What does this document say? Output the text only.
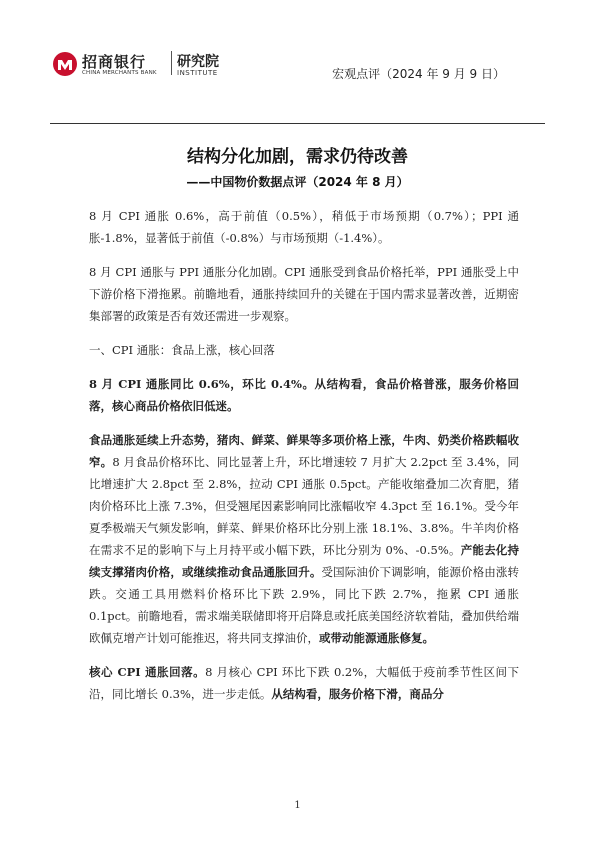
招商银行
CHINA MERCHANTS BANK
研究院
INSTITUTE	宏观点评（2024 年 9 月 9 日）
结构分化加剧，需求仍待改善
——中国物价数据点评（2024 年 8 月）

8 月 CPI 通胀 0.6%，高于前值（0.5%），稍低于市场预期（0.7%）；PPI 通胀-1.8%，显著低于前值（-0.8%）与市场预期（-1.4%）。

8 月 CPI 通胀与 PPI 通胀分化加剧。CPI 通胀受到食品价格托举，PPI 通胀受上中下游价格下滑拖累。前瞻地看，通胀持续回升的关键在于国内需求显著改善，近期密集部署的政策是否有效还需进一步观察。

一、CPI 通胀：食品上涨，核心回落

8 月 CPI 通胀同比 0.6%，环比 0.4%。从结构看，食品价格普涨，服务价格回落，核心商品价格依旧低迷。

食品通胀延续上升态势，猪肉、鲜菜、鲜果等多项价格上涨，牛肉、奶类价格跌幅收窄。8 月食品价格环比、同比显著上升，环比增速较 7 月扩大 2.2pct 至 3.4%，同比增速扩大 2.8pct 至 2.8%，拉动 CPI 通胀 0.5pct。产能收缩叠加二次育肥，猪肉价格环比上涨 7.3%，但受翘尾因素影响同比涨幅收窄 4.3pct 至 16.1%。受今年夏季极端天气频发影响，鲜菜、鲜果价格环比分别上涨 18.1%、3.8%。牛羊肉价格在需求不足的影响下与上月持平或小幅下跌，环比分别为 0%、-0.5%。产能去化持续支撑猪肉价格，或继续推动食品通胀回升。受国际油价下调影响，能源价格由涨转跌。交通工具用燃料价格环比下跌 2.9%，同比下跌 2.7%，拖累 CPI 通胀 0.1pct。前瞻地看，需求端美联储即将开启降息或托底美国经济软着陆，叠加供给端欧佩克增产计划可能推迟，将共同支撑油价，或带动能源通胀修复。

核心 CPI 通胀回落。8 月核心 CPI 环比下跌 0.2%，大幅低于疫前季节性区间下沿，同比增长 0.3%，进一步走低。从结构看，服务价格下滑，商品分

1
